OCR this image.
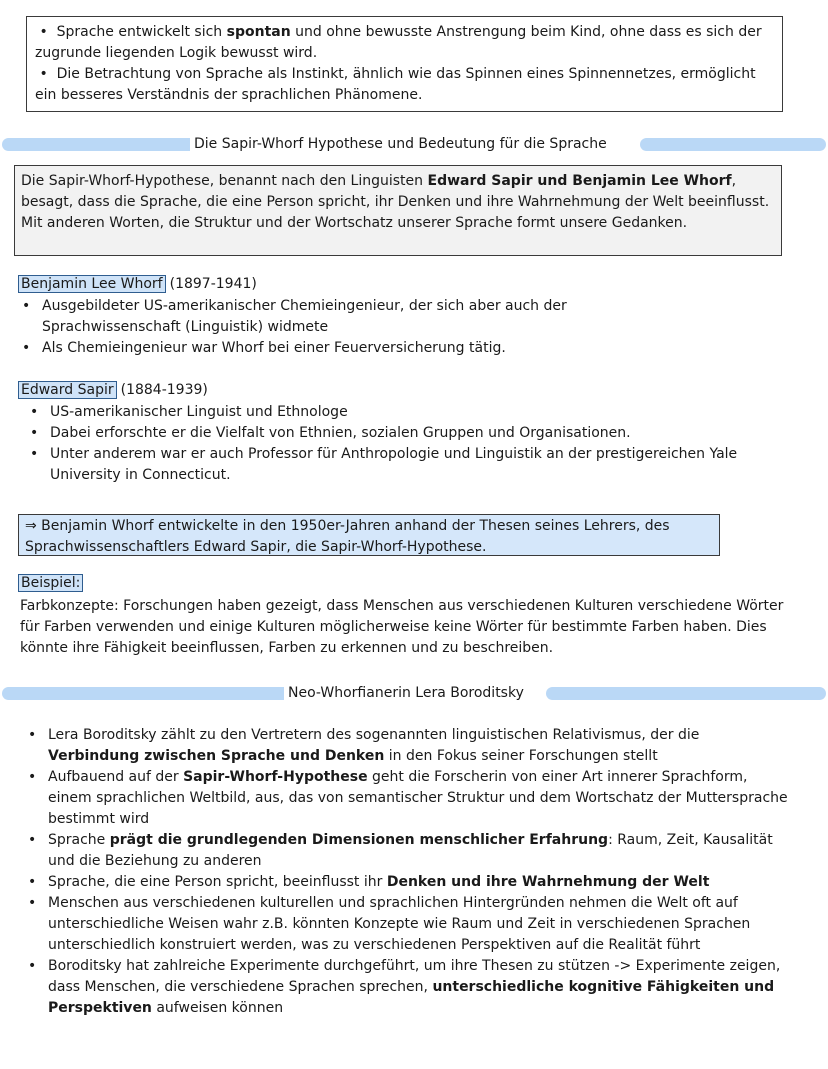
•  Sprache entwickelt sich spontan und ohne bewusste Anstrengung beim Kind, ohne dass es sich der zugrunde liegenden Logik bewusst wird.

•  Die Betrachtung von Sprache als Instinkt, ähnlich wie das Spinnen eines Spinnennetzes, ermöglicht ein besseres Verständnis der sprachlichen Phänomene.

Die Sapir-Whorf Hypothese und Bedeutung für die Sprache
Die Sapir-Whorf-Hypothese, benannt nach den Linguisten Edward Sapir und Benjamin Lee Whorf, besagt, dass die Sprache, die eine Person spricht, ihr Denken und ihre Wahrnehmung der Welt beeinflusst. Mit anderen Worten, die Struktur und der Wortschatz unserer Sprache formt unsere Gedanken.
Benjamin Lee Whorf (1897-1941)
• Ausgebildeter US-amerikanischer Chemieingenieur, der sich aber auch der Sprachwissenschaft (Linguistik) widmete
• Als Chemieingenieur war Whorf bei einer Feuerversicherung tätig.
Edward Sapir (1884-1939)
• US-amerikanischer Linguist und Ethnologe
• Dabei erforschte er die Vielfalt von Ethnien, sozialen Gruppen und Organisationen.
• Unter anderem war er auch Professor für Anthropologie und Linguistik an der prestigereichen Yale University in Connecticut.
⇒ Benjamin Whorf entwickelte in den 1950er-Jahren anhand der Thesen seines Lehrers, des Sprachwissenschaftlers Edward Sapir, die Sapir-Whorf-Hypothese.
Beispiel:

Farbkonzepte: Forschungen haben gezeigt, dass Menschen aus verschiedenen Kulturen verschiedene Wörter für Farben verwenden und einige Kulturen möglicherweise keine Wörter für bestimmte Farben haben. Dies könnte ihre Fähigkeit beeinflussen, Farben zu erkennen und zu beschreiben.

Neo-Whorfianerin Lera Boroditsky
• Lera Boroditsky zählt zu den Vertretern des sogenannten linguistischen Relativismus, der die Verbindung zwischen Sprache und Denken in den Fokus seiner Forschungen stellt
• Aufbauend auf der Sapir-Whorf-Hypothese geht die Forscherin von einer Art innerer Sprachform, einem sprachlichen Weltbild, aus, das von semantischer Struktur und dem Wortschatz der Muttersprache bestimmt wird
• Sprache prägt die grundlegenden Dimensionen menschlicher Erfahrung: Raum, Zeit, Kausalität und die Beziehung zu anderen
• Sprache, die eine Person spricht, beeinflusst ihr Denken und ihre Wahrnehmung der Welt
• Menschen aus verschiedenen kulturellen und sprachlichen Hintergründen nehmen die Welt oft auf unterschiedliche Weisen wahr z.B. könnten Konzepte wie Raum und Zeit in verschiedenen Sprachen unterschiedlich konstruiert werden, was zu verschiedenen Perspektiven auf die Realität führt
• Boroditsky hat zahlreiche Experimente durchgeführt, um ihre Thesen zu stützen -> Experimente zeigen, dass Menschen, die verschiedene Sprachen sprechen, unterschiedliche kognitive Fähigkeiten und Perspektiven aufweisen können
